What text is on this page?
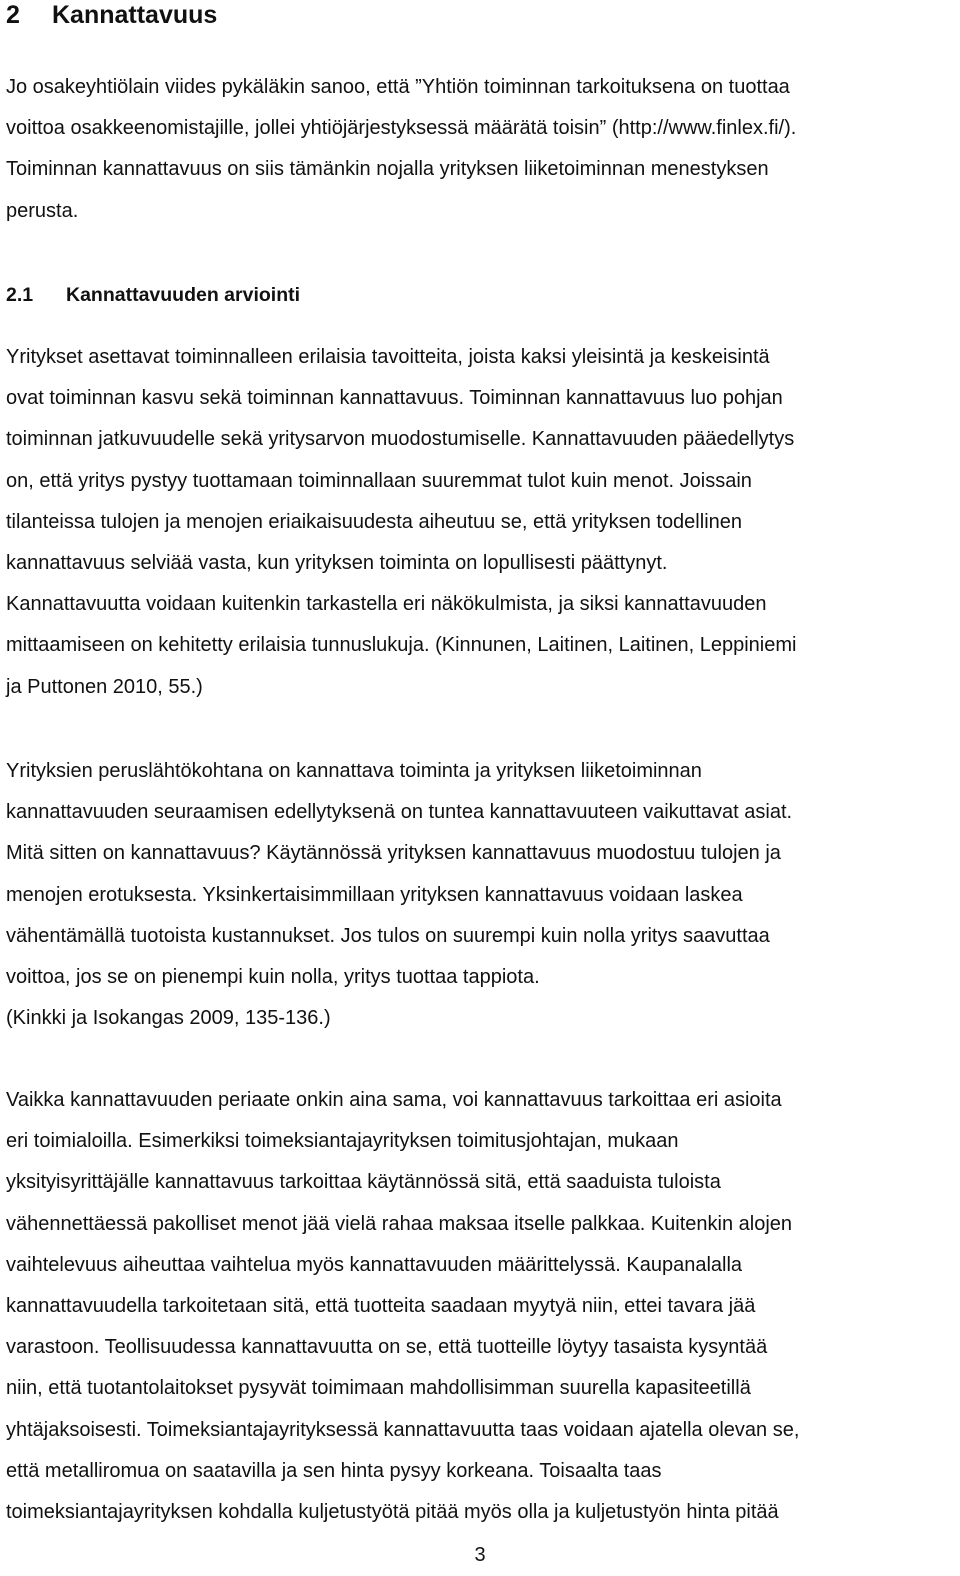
2 Kannattavuus
Jo osakeyhtiölain viides pykäläkin sanoo, että ”Yhtiön toiminnan tarkoituksena on tuottaa
voittoa osakkeenomistajille, jollei yhtiöjärjestyksessä määrätä toisin” (http://www.finlex.fi/).
Toiminnan kannattavuus on siis tämänkin nojalla yrityksen liiketoiminnan menestyksen
perusta.
2.1 Kannattavuuden arviointi
Yritykset asettavat toiminnalleen erilaisia tavoitteita, joista kaksi yleisintä ja keskeisintä
ovat toiminnan kasvu sekä toiminnan kannattavuus. Toiminnan kannattavuus luo pohjan
toiminnan jatkuvuudelle sekä yritysarvon muodostumiselle. Kannattavuuden pääedellytys
on, että yritys pystyy tuottamaan toiminnallaan suuremmat tulot kuin menot. Joissain
tilanteissa tulojen ja menojen eriaikaisuudesta aiheutuu se, että yrityksen todellinen
kannattavuus selviää vasta, kun yrityksen toiminta on lopullisesti päättynyt.
Kannattavuutta voidaan kuitenkin tarkastella eri näkökulmista, ja siksi kannattavuuden
mittaamiseen on kehitetty erilaisia tunnuslukuja. (Kinnunen, Laitinen, Laitinen, Leppiniemi
ja Puttonen 2010, 55.)
Yrityksien peruslähtökohtana on kannattava toiminta ja yrityksen liiketoiminnan
kannattavuuden seuraamisen edellytyksenä on tuntea kannattavuuteen vaikuttavat asiat.
Mitä sitten on kannattavuus? Käytännössä yrityksen kannattavuus muodostuu tulojen ja
menojen erotuksesta. Yksinkertaisimmillaan yrityksen kannattavuus voidaan laskea
vähentämällä tuotoista kustannukset. Jos tulos on suurempi kuin nolla yritys saavuttaa
voittoa, jos se on pienempi kuin nolla, yritys tuottaa tappiota.
(Kinkki ja Isokangas 2009, 135-136.)
Vaikka kannattavuuden periaate onkin aina sama, voi kannattavuus tarkoittaa eri asioita
eri toimialoilla. Esimerkiksi toimeksiantajayrityksen toimitusjohtajan, mukaan
yksityisyrittäjälle kannattavuus tarkoittaa käytännössä sitä, että saaduista tuloista
vähennettäessä pakolliset menot jää vielä rahaa maksaa itselle palkkaa. Kuitenkin alojen
vaihtelevuus aiheuttaa vaihtelua myös kannattavuuden määrittelyssä. Kaupanalalla
kannattavuudella tarkoitetaan sitä, että tuotteita saadaan myytyä niin, ettei tavara jää
varastoon. Teollisuudessa kannattavuutta on se, että tuotteille löytyy tasaista kysyntää
niin, että tuotantolaitokset pysyvät toimimaan mahdollisimman suurella kapasiteetillä
yhtäjaksoisesti. Toimeksiantajayrityksessä kannattavuutta taas voidaan ajatella olevan se,
että metalliromua on saatavilla ja sen hinta pysyy korkeana. Toisaalta taas
toimeksiantajayrityksen kohdalla kuljetustyötä pitää myös olla ja kuljetustyön hinta pitää
3
